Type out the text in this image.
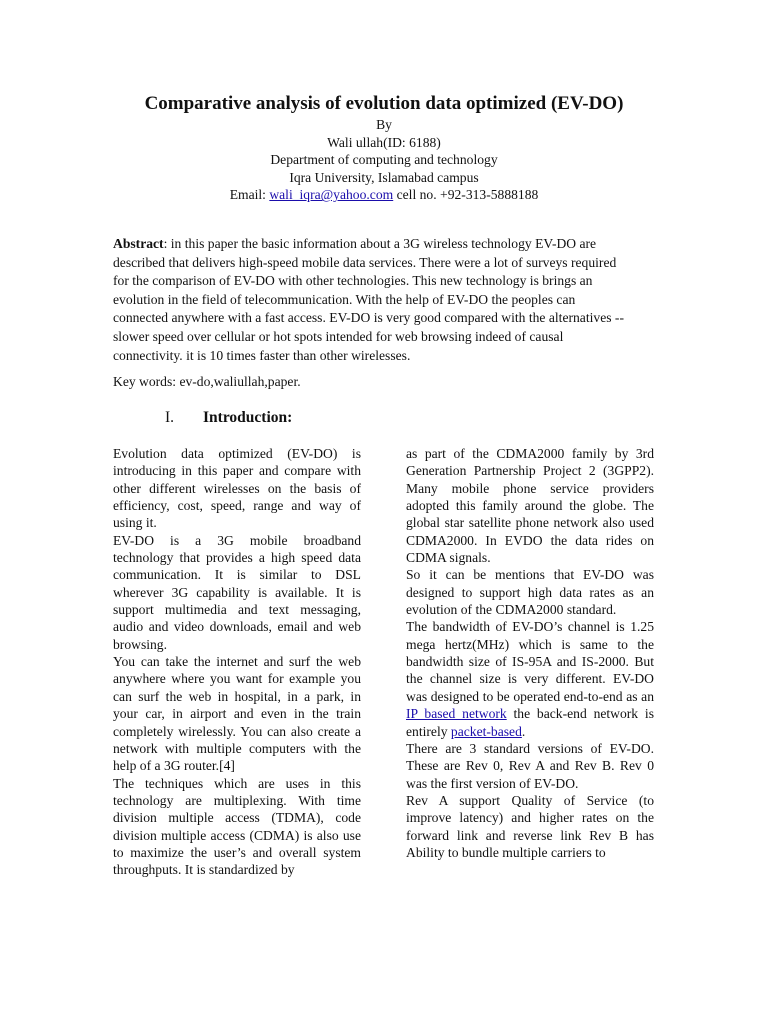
Comparative analysis of evolution data optimized (EV-DO)
By
Wali ullah(ID: 6188)
Department of computing and technology
Iqra University, Islamabad campus
Email: wali_iqra@yahoo.com cell no. +92-313-5888188

Abstract: in this paper the basic information about a 3G wireless technology EV-DO are described that delivers high-speed mobile data services. There were a lot of surveys required for the comparison of EV-DO with other technologies. This new technology is brings an evolution in the field of telecommunication. With the help of EV-DO the peoples can connected anywhere with a fast access. EV-DO is very good compared with the alternatives -- slower speed over cellular or hot spots intended for web browsing indeed of causal connectivity. it is 10 times faster than other wirelesses.

Key words: ev-do,waliullah,paper.

I. Introduction:

Evolution data optimized (EV-DO) is introducing in this paper and compare with other different wirelesses on the basis of efficiency, cost, speed, range and way of using it.

EV-DO is a 3G mobile broadband technology that provides a high speed data communication. It is similar to DSL wherever 3G capability is available. It is support multimedia and text messaging, audio and video downloads, email and web browsing.

You can take the internet and surf the web anywhere where you want for example you can surf the web in hospital, in a park, in your car, in airport and even in the train completely wirelessly. You can also create a network with multiple computers with the help of a 3G router.[4]

The techniques which are uses in this technology are multiplexing. With time division multiple access (TDMA), code division multiple access (CDMA) is also use to maximize the user’s and overall system throughputs. It is standardized by

as part of the CDMA2000 family by 3rd Generation Partnership Project 2 (3GPP2). Many mobile phone service providers adopted this family around the globe. The global star satellite phone network also used CDMA2000. In EVDO the data rides on CDMA signals.

So it can be mentions that EV-DO was designed to support high data rates as an evolution of the CDMA2000 standard.

The bandwidth of EV-DO’s channel is 1.25 mega hertz(MHz) which is same to the bandwidth size of IS-95A and IS-2000. But the channel size is very different. EV-DO was designed to be operated end-to-end as an IP based network the back-end network is entirely packet-based.

There are 3 standard versions of EV-DO. These are Rev 0, Rev A and Rev B. Rev 0 was the first version of EV-DO.

Rev A support Quality of Service (to improve latency) and higher rates on the forward link and reverse link Rev B has Ability to bundle multiple carriers to
